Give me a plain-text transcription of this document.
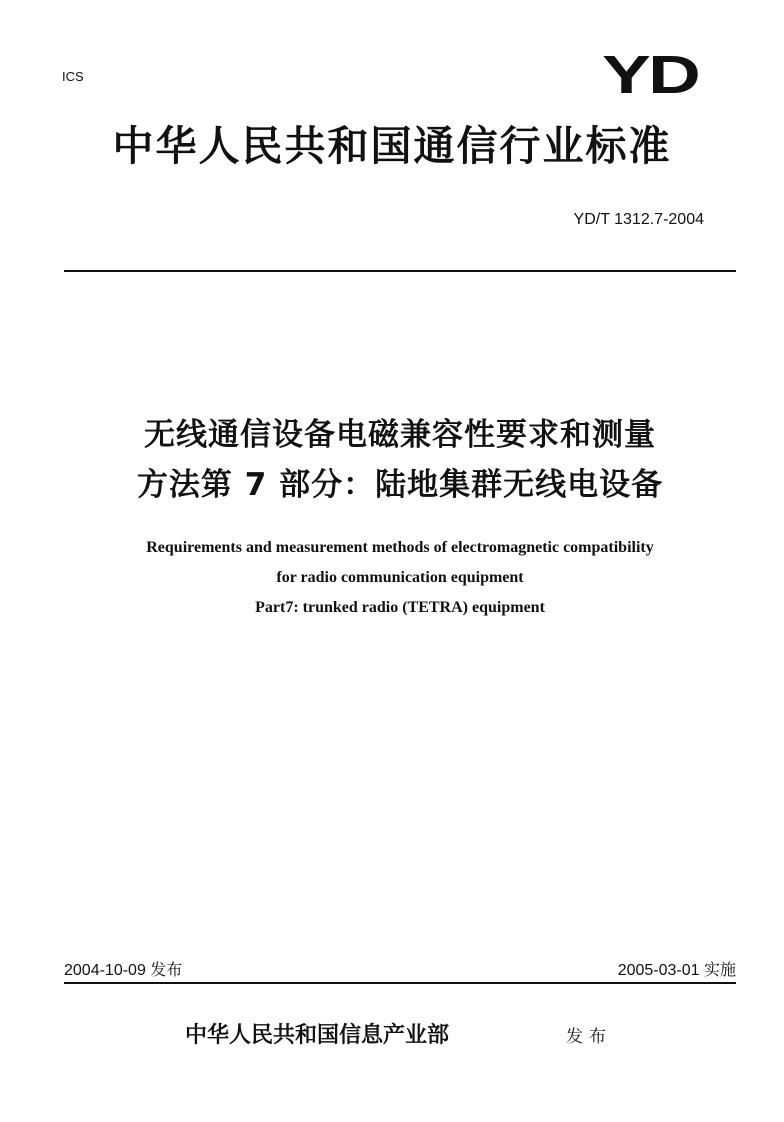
ICS	YD
中华人民共和国通信行业标准
YD/T 1312.7-2004
无线通信设备电磁兼容性要求和测量
方法第 7 部分：陆地集群无线电设备
Requirements and measurement methods of electromagnetic compatibility
for radio communication equipment
Part7: trunked radio (TETRA) equipment
2004-10-09 发布	2005-03-01 实施
中华人民共和国信息产业部	发布
